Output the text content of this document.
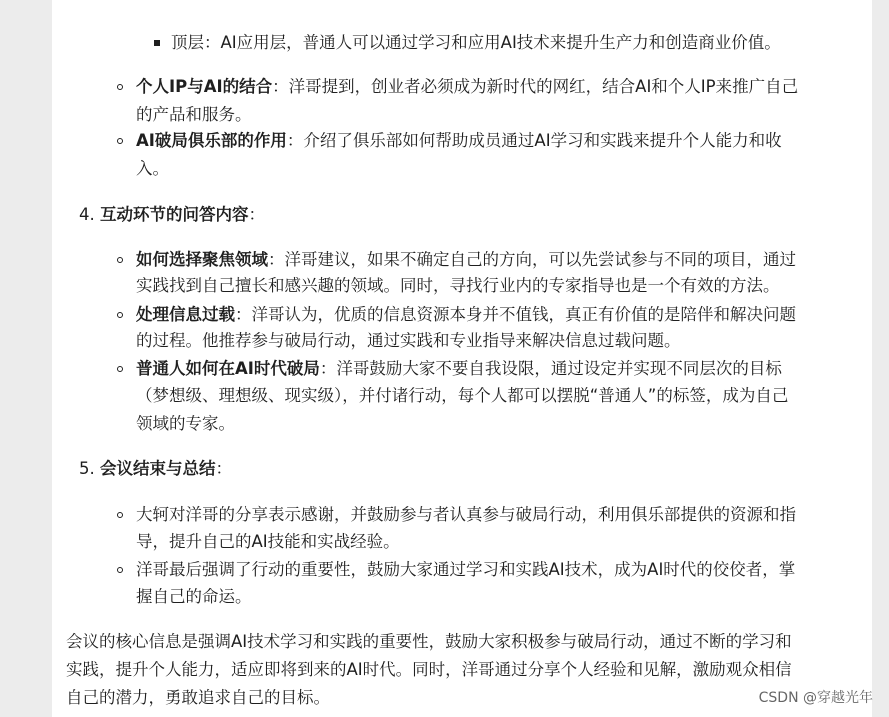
顶层：AI应用层，普通人可以通过学习和应用AI技术来提升生产力和创造商业价值。
个人IP与AI的结合：洋哥提到，创业者必须成为新时代的网红，结合AI和个人IP来推广自己
的产品和服务。
AI破局俱乐部的作用：介绍了俱乐部如何帮助成员通过AI学习和实践来提升个人能力和收
入。
4. 互动环节的问答内容：
如何选择聚焦领域：洋哥建议，如果不确定自己的方向，可以先尝试参与不同的项目，通过
实践找到自己擅长和感兴趣的领域。同时，寻找行业内的专家指导也是一个有效的方法。
处理信息过载：洋哥认为，优质的信息资源本身并不值钱，真正有价值的是陪伴和解决问题
的过程。他推荐参与破局行动，通过实践和专业指导来解决信息过载问题。
普通人如何在AI时代破局：洋哥鼓励大家不要自我设限，通过设定并实现不同层次的目标
（梦想级、理想级、现实级），并付诸行动，每个人都可以摆脱“普通人”的标签，成为自己
领域的专家。
5. 会议结束与总结：
大轲对洋哥的分享表示感谢，并鼓励参与者认真参与破局行动，利用俱乐部提供的资源和指
导，提升自己的AI技能和实战经验。
洋哥最后强调了行动的重要性，鼓励大家通过学习和实践AI技术，成为AI时代的佼佼者，掌
握自己的命运。
会议的核心信息是强调AI技术学习和实践的重要性，鼓励大家积极参与破局行动，通过不断的学习和
实践，提升个人能力，适应即将到来的AI时代。同时，洋哥通过分享个人经验和见解，激励观众相信
自己的潜力，勇敢追求自己的目标。	CSDN @穿越光年
